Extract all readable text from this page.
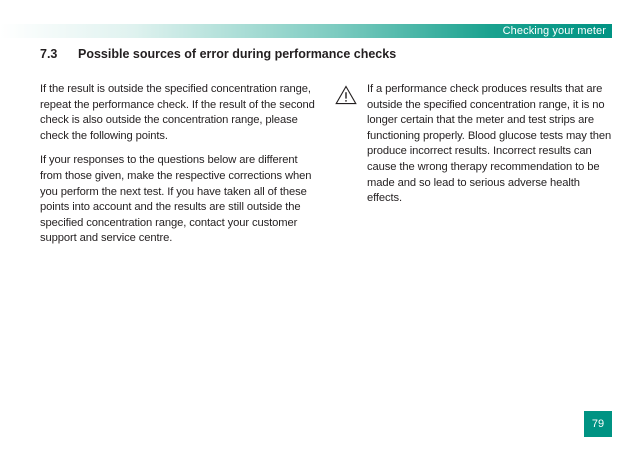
Checking your meter
7.3 Possible sources of error during performance checks

If the result is outside the specified concentration range, repeat the performance check. If the result of the second check is also outside the concentration range, please check the following points.

If your responses to the questions below are different from those given, make the respective corrections when you perform the next test. If you have taken all of these points into account and the results are still outside the specified concentration range, contact your customer support and service centre.

If a performance check produces results that are outside the specified concentration range, it is no longer certain that the meter and test strips are functioning properly. Blood glucose tests may then produce incorrect results. Incorrect results can cause the wrong therapy recommendation to be made and so lead to serious adverse health effects.

79
